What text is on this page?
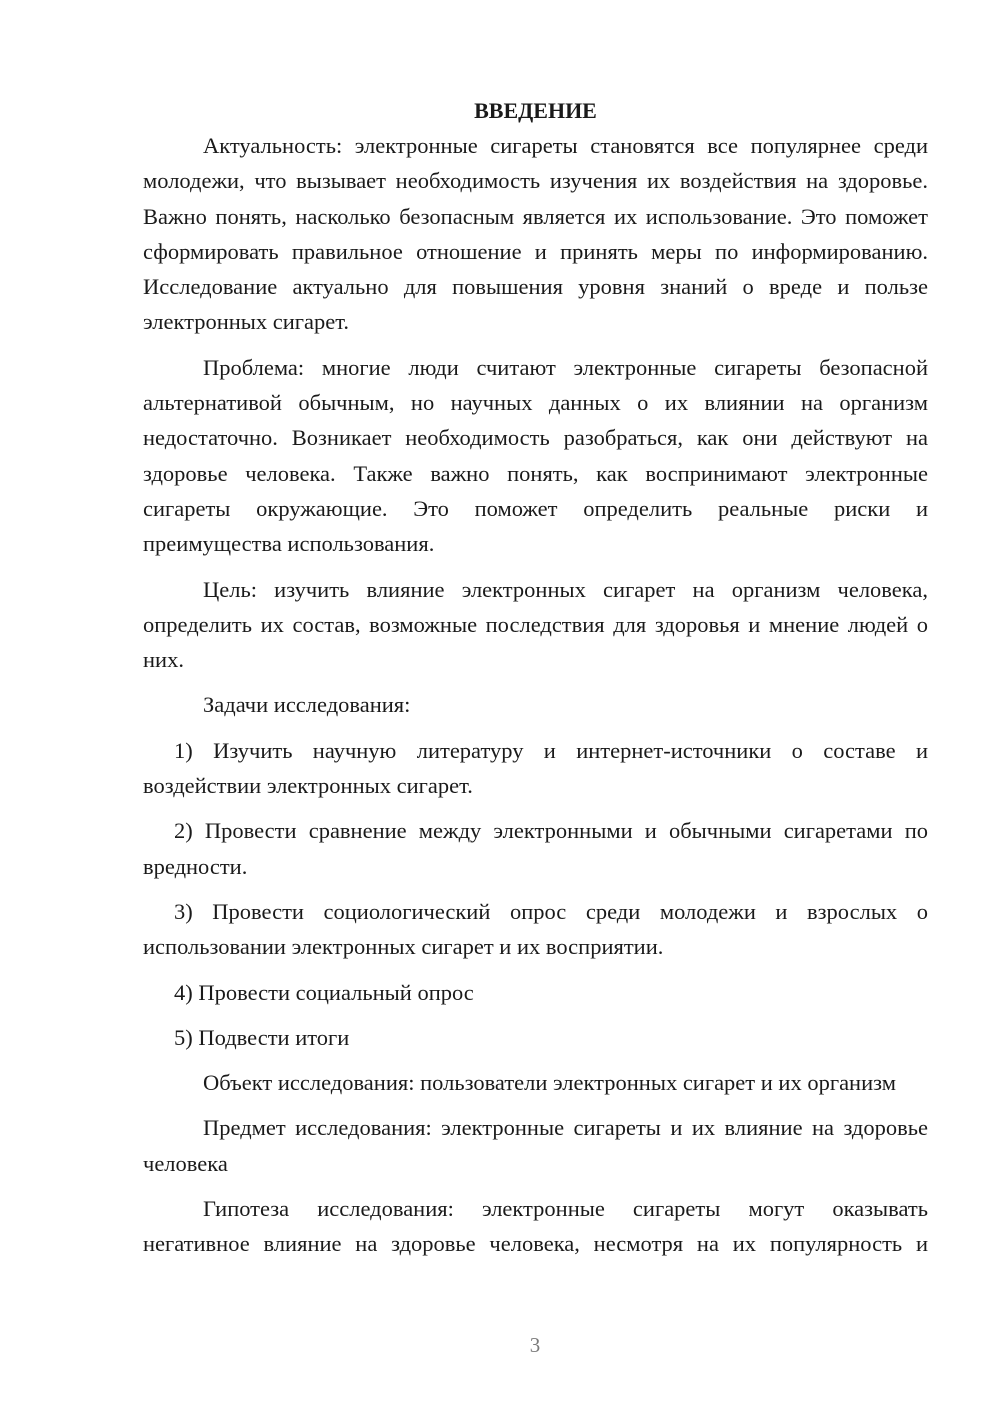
ВВЕДЕНИЕ

Актуальность: электронные сигареты становятся все популярнее среди молодежи, что вызывает необходимость изучения их воздействия на здоровье. Важно понять, насколько безопасным является их использование. Это поможет сформировать правильное отношение и принять меры по информированию. Исследование актуально для повышения уровня знаний о вреде и пользе электронных сигарет.

Проблема: многие люди считают электронные сигареты безопасной альтернативой обычным, но научных данных о их влиянии на организм недостаточно. Возникает необходимость разобраться, как они действуют на здоровье человека. Также важно понять, как воспринимают электронные сигареты окружающие. Это поможет определить реальные риски и преимущества использования.

Цель: изучить влияние электронных сигарет на организм человека, определить их состав, возможные последствия для здоровья и мнение людей о них.

Задачи исследования:

1) Изучить научную литературу и интернет-источники о составе и воздействии электронных сигарет.

2) Провести сравнение между электронными и обычными сигаретами по вредности.

3) Провести социологический опрос среди молодежи и взрослых о использовании электронных сигарет и их восприятии.

4) Провести социальный опрос

5) Подвести итоги

Объект исследования: пользователи электронных сигарет и их организм

Предмет исследования: электронные сигареты и их влияние на здоровье человека

Гипотеза исследования: электронные сигареты могут оказывать негативное влияние на здоровье человека, несмотря на их популярность и

3
